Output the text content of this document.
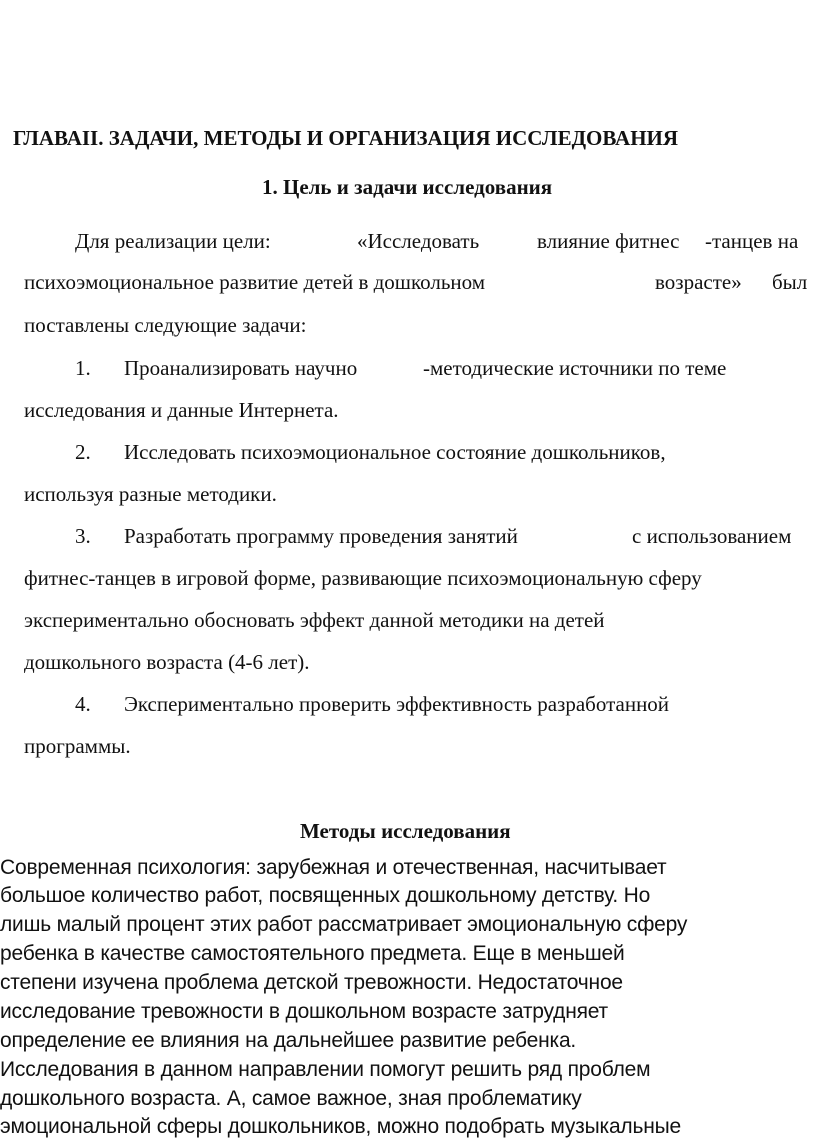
ГЛАВАII. ЗАДАЧИ, МЕТОДЫ И ОРГАНИЗАЦИЯ ИССЛЕДОВАНИЯ
1. Цель и задачи исследования
Для реализации цели:	«Исследовать	влияние фитнес -танцев на
психоэмоциональное развитие детей в дошкольном	возрасте» был
поставлены следующие задачи:
1. Проанализировать научно	-методические источники по теме
исследования и данные Интернета.
2. Исследовать психоэмоциональное состояние дошкольников,
используя разные методики.
3. Разработать программу проведения занятий	с использованием
фитнес-танцев в игровой форме, развивающие психоэмоциональную сферу
экспериментально обосновать эффект данной методики на детей
дошкольного возраста (4-6 лет).
4. Экспериментально проверить эффективность разработанной
программы.
Методы исследования
Современная психология: зарубежная и отечественная, насчитывает
большое количество работ, посвященных дошкольному детству. Но
лишь малый процент этих работ рассматривает эмоциональную сферу
ребенка в качестве самостоятельного предмета. Еще в меньшей
степени изучена проблема детской тревожности. Недостаточное
исследование тревожности в дошкольном возрасте затрудняет
определение ее влияния на дальнейшее развитие ребенка.
Исследования в данном направлении помогут решить ряд проблем
дошкольного возраста. А, самое важное, зная проблематику
эмоциональной сферы дошкольников, можно подобрать музыкальные
